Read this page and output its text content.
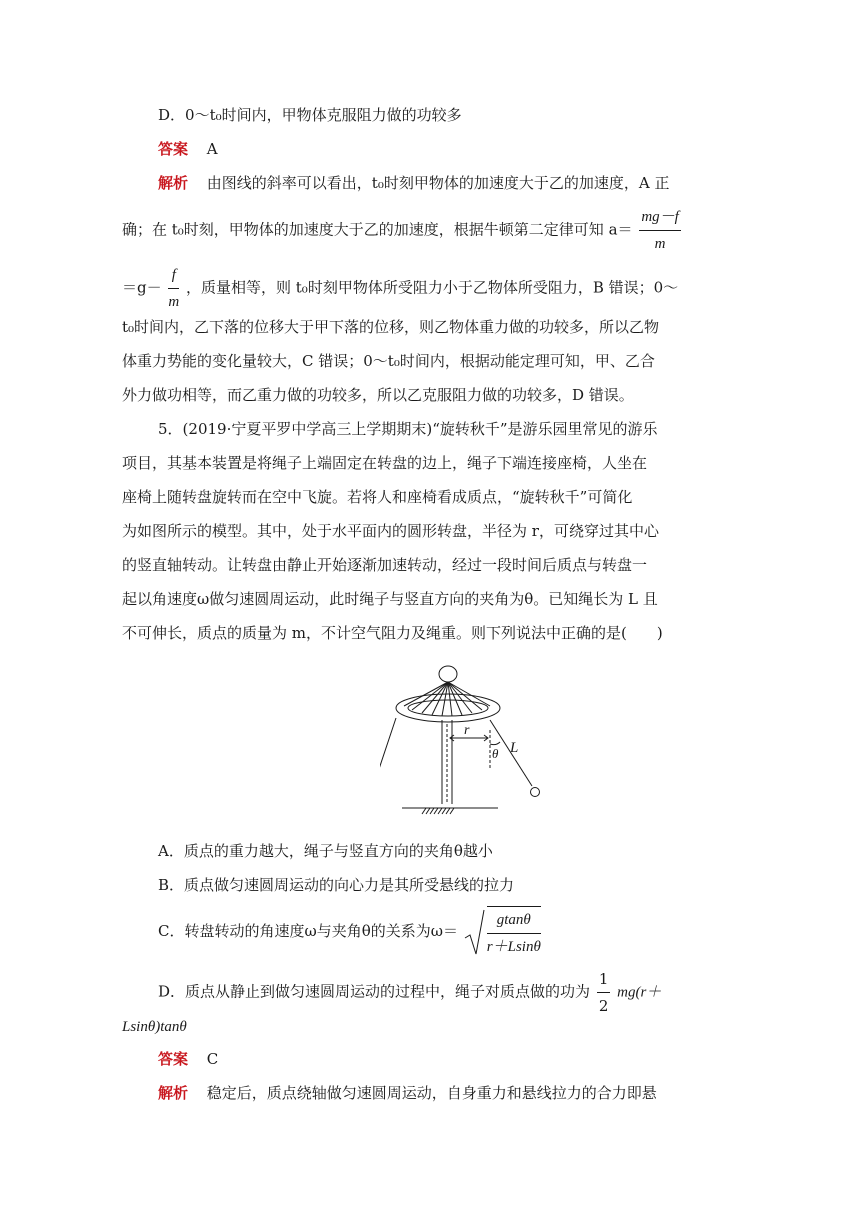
D．0～t₀时间内，甲物体克服阻力做的功较多
答案 A
解析 由图线的斜率可以看出，t₀时刻甲物体的加速度大于乙的加速度，A 正
确；在 t₀时刻，甲物体的加速度大于乙的加速度，根据牛顿第二定律可知 $a= \frac{mg-f}{m}$
$=g- \frac{f}{m}$ ，质量相等，则 t₀时刻甲物体所受阻力小于乙物体所受阻力，B 错误；0～
t₀时间内，乙下落的位移大于甲下落的位移，则乙物体重力做的功较多，所以乙物
体重力势能的变化量较大，C 错误；0～t₀时间内，根据动能定理可知，甲、乙合
外力做功相等，而乙重力做的功较多，所以乙克服阻力做的功较多，D 错误。
5．(2019·宁夏平罗中学高三上学期期末)“旋转秋千”是游乐园里常见的游乐
项目，其基本装置是将绳子上端固定在转盘的边上，绳子下端连接座椅，人坐在
座椅上随转盘旋转而在空中飞旋。若将人和座椅看成质点，“旋转秋千”可简化
为如图所示的模型。其中，处于水平面内的圆形转盘，半径为 r，可绕穿过其中心
的竖直轴转动。让转盘由静止开始逐渐加速转动，经过一段时间后质点与转盘一
起以角速度ω做匀速圆周运动，此时绳子与竖直方向的夹角为θ。已知绳长为 L 且
不可伸长，质点的质量为 m，不计空气阻力及绳重。则下列说法中正确的是(　　)
r
θ L
A．质点的重力越大，绳子与竖直方向的夹角θ越小
B．质点做匀速圆周运动的向心力是其所受悬线的拉力
C．转盘转动的角速度ω与夹角θ的关系为$\omega= \frac{gtan\theta}{r+Lsin\theta}$
D．质点从静止到做匀速圆周运动的过程中，绳子对质点做的功为 $\frac{1}{2} mg(r+$
Lsinθ)tanθ
答案 C
解析 稳定后，质点绕轴做匀速圆周运动，自身重力和悬线拉力的合力即悬
